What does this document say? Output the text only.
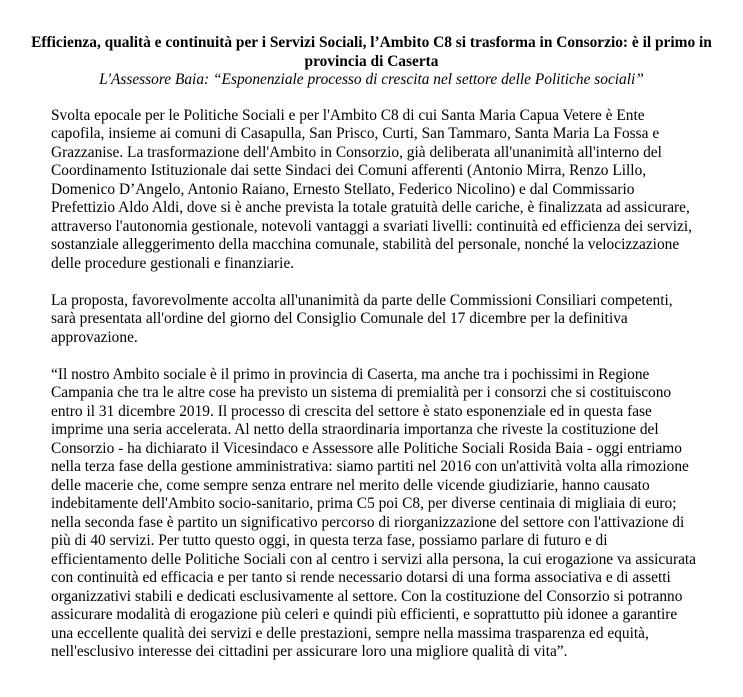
Efficienza, qualità e continuità per i Servizi Sociali, l’Ambito C8 si trasforma in Consorzio: è il primo in provincia di Caserta
L'Assessore Baia: “Esponenziale processo di crescita nel settore delle Politiche sociali”

Svolta epocale per le Politiche Sociali e per l'Ambito C8 di cui Santa Maria Capua Vetere è Ente capofila, insieme ai comuni di Casapulla, San Prisco, Curti, San Tammaro, Santa Maria La Fossa e Grazzanise. La trasformazione dell'Ambito in Consorzio, già deliberata all'unanimità all'interno del Coordinamento Istituzionale dai sette Sindaci dei Comuni afferenti (Antonio Mirra, Renzo Lillo, Domenico D’Angelo, Antonio Raiano, Ernesto Stellato, Federico Nicolino) e dal Commissario Prefettizio Aldo Aldi, dove si è anche prevista la totale gratuità delle cariche, è finalizzata ad assicurare, attraverso l'autonomia gestionale, notevoli vantaggi a svariati livelli: continuità ed efficienza dei servizi, sostanziale alleggerimento della macchina comunale, stabilità del personale, nonché la velocizzazione delle procedure gestionali e finanziarie.

La proposta, favorevolmente accolta all'unanimità da parte delle Commissioni Consiliari competenti, sarà presentata all'ordine del giorno del Consiglio Comunale del 17 dicembre per la definitiva approvazione.

“Il nostro Ambito sociale è il primo in provincia di Caserta, ma anche tra i pochissimi in Regione Campania che tra le altre cose ha previsto un sistema di premialità per i consorzi che si costituiscono entro il 31 dicembre 2019. Il processo di crescita del settore è stato esponenziale ed in questa fase imprime una seria accelerata. Al netto della straordinaria importanza che riveste la costituzione del Consorzio - ha dichiarato il Vicesindaco e Assessore alle Politiche Sociali Rosida Baia - oggi entriamo nella terza fase della gestione amministrativa: siamo partiti nel 2016 con un'attività volta alla rimozione delle macerie che, come sempre senza entrare nel merito delle vicende giudiziarie, hanno causato indebitamente dell'Ambito socio-sanitario, prima C5 poi C8, per diverse centinaia di migliaia di euro; nella seconda fase è partito un significativo percorso di riorganizzazione del settore con l'attivazione di più di 40 servizi. Per tutto questo oggi, in questa terza fase, possiamo parlare di futuro e di efficientamento delle Politiche Sociali con al centro i servizi alla persona, la cui erogazione va assicurata con continuità ed efficacia e per tanto si rende necessario dotarsi di una forma associativa e di assetti organizzativi stabili e dedicati esclusivamente al settore. Con la costituzione del Consorzio si potranno assicurare modalità di erogazione più celeri e quindi più efficienti, e soprattutto più idonee a garantire una eccellente qualità dei servizi e delle prestazioni, sempre nella massima trasparenza ed equità, nell'esclusivo interesse dei cittadini per assicurare loro una migliore qualità di vita”.
